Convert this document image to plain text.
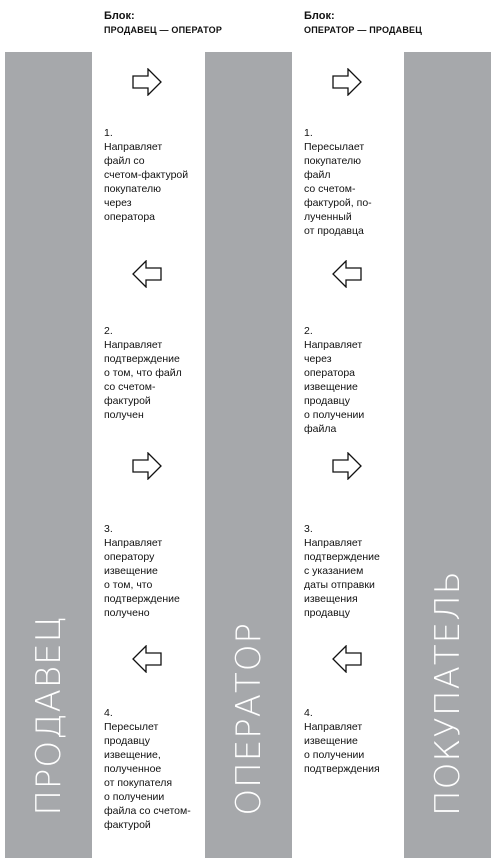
Блок:
ПРОДАВЕЦ — ОПЕРАТОР
Блок:
ОПЕРАТОР — ПРОДАВЕЦ
ПРОДАВЕЦ	ОПЕРАТОР	ПОКУПАТЕЛЬ

1.
Направляет
файл со
счетом-фактурой
покупателю
через
оператора

2.
Направляет
подтверждение
о том, что файл
со счетом-
фактурой
получен

3.
Направляет
оператору
извещение
о том, что
подтверждение
получено

4.
Пересылет
продавцу
извещение,
полученное
от покупателя
о получении
файла со счетом-
фактурой

1.
Пересылает
покупателю
файл
со счетом-
фактурой, по-
лученный
от продавца

2.
Направляет
через
оператора
извещение
продавцу
о получении
файла

3.
Направляет
подтверждение
с указанием
даты отправки
извещения
продавцу

4.
Направляет
извещение
о получении
подтверждения
